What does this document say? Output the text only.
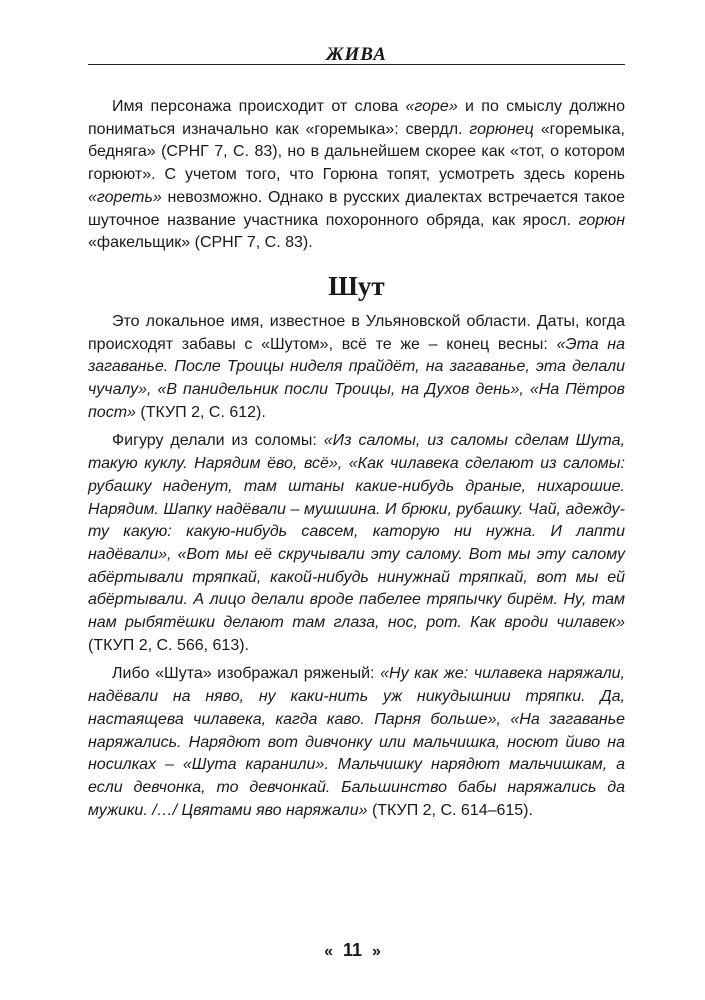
ЖИВА

Имя персонажа происходит от слова «горе» и по смыслу должно пониматься изначально как «горемыка»: свердл. горюнец «горемыка, бедняга» (СРНГ 7, С. 83), но в дальнейшем скорее как «тот, о котором горюют». С учетом того, что Горюна топят, усмотреть здесь корень «гореть» невозможно. Однако в русских диалектах встречается такое шуточное название участника похоронного обряда, как яросл. горюн «факельщик» (СРНГ 7, С. 83).

Шут

Это локальное имя, известное в Ульяновской области. Даты, когда происходят забавы с «Шутом», всё те же – конец весны: «Эта на загаванье. После Троицы ниделя прайдёт, на загаванье, эта делали чучалу», «В панидельник посли Троицы, на Духов день», «На Пётров пост» (ТКУП 2, С. 612).

Фигуру делали из соломы: «Из саломы, из саломы сделам Шута, такую куклу. Нарядим ёво, всё», «Как чилавека сделают из саломы: рубашку наденут, там штаны какие-нибудь драные, нихарошие. Нарядим. Шапку надёвали – мушшина. И брюки, рубашку. Чай, адежду-ту какую: какую-нибудь савсем, каторую ни нужна. И лапти надёвали», «Вот мы её скручывали эту салому. Вот мы эту салому абёртывали тряпкай, какой-нибудь нинужнай тряпкай, вот мы ей абёртывали. А лицо делали вроде пабелее тряпычку бирём. Ну, там нам рыбятёшки делают там глаза, нос, рот. Как вроди чилавек» (ТКУП 2, С. 566, 613).

Либо «Шута» изображал ряженый: «Ну как же: чилавека наряжали, надёвали на няво, ну каки-нить уж никудышнии тряпки. Да, настаящева чилавека, кагда каво. Парня больше», «На загаванье наряжались. Нарядют вот дивчонку или мальчишка, носют йиво на носилках – «Шута каранили». Мальчишку нарядют мальчишкам, а если девчонка, то девчонкай. Бальшинство бабы наряжались да мужики. /…/ Цвятами яво наряжали» (ТКУП 2, С. 614–615).

« 11 »
